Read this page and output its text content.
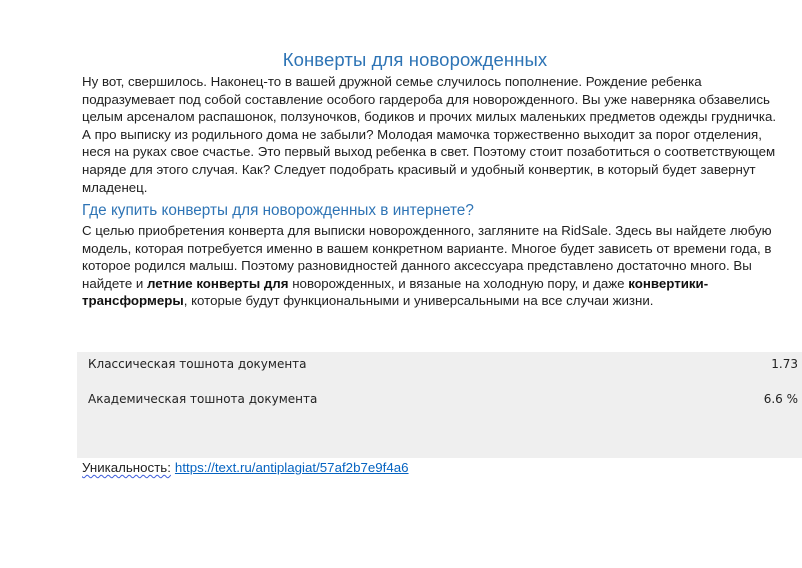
Конверты для новорожденных
Ну вот, свершилось. Наконец-то в вашей дружной семье случилось пополнение. Рождение ребенка подразумевает под собой составление особого гардероба для новорожденного. Вы уже наверняка обзавелись целым арсеналом распашонок, ползуночков, бодиков и прочих милых маленьких предметов одежды грудничка. А про выписку из родильного дома не забыли? Молодая мамочка торжественно выходит за порог отделения, неся на руках свое счастье. Это первый выход ребенка в свет. Поэтому стоит позаботиться о соответствующем наряде для этого случая. Как? Следует подобрать красивый и удобный конвертик, в который будет завернут младенец.
Где купить конверты для новорожденных в интернете?
С целью приобретения конверта для выписки новорожденного, загляните на RidSale. Здесь вы найдете любую модель, которая потребуется именно в вашем конкретном варианте. Многое будет зависеть от времени года, в которое родился малыш. Поэтому разновидностей данного аксессуара представлено достаточно много. Вы найдете и летние конверты для новорожденных, и вязаные на холодную пору, и даже конвертики-трансформеры, которые будут функциональными и универсальными на все случаи жизни.
Классическая тошнота документа	1.73
Академическая тошнота документа	6.6 %
Уникальность: https://text.ru/antiplagiat/57af2b7e9f4a6
